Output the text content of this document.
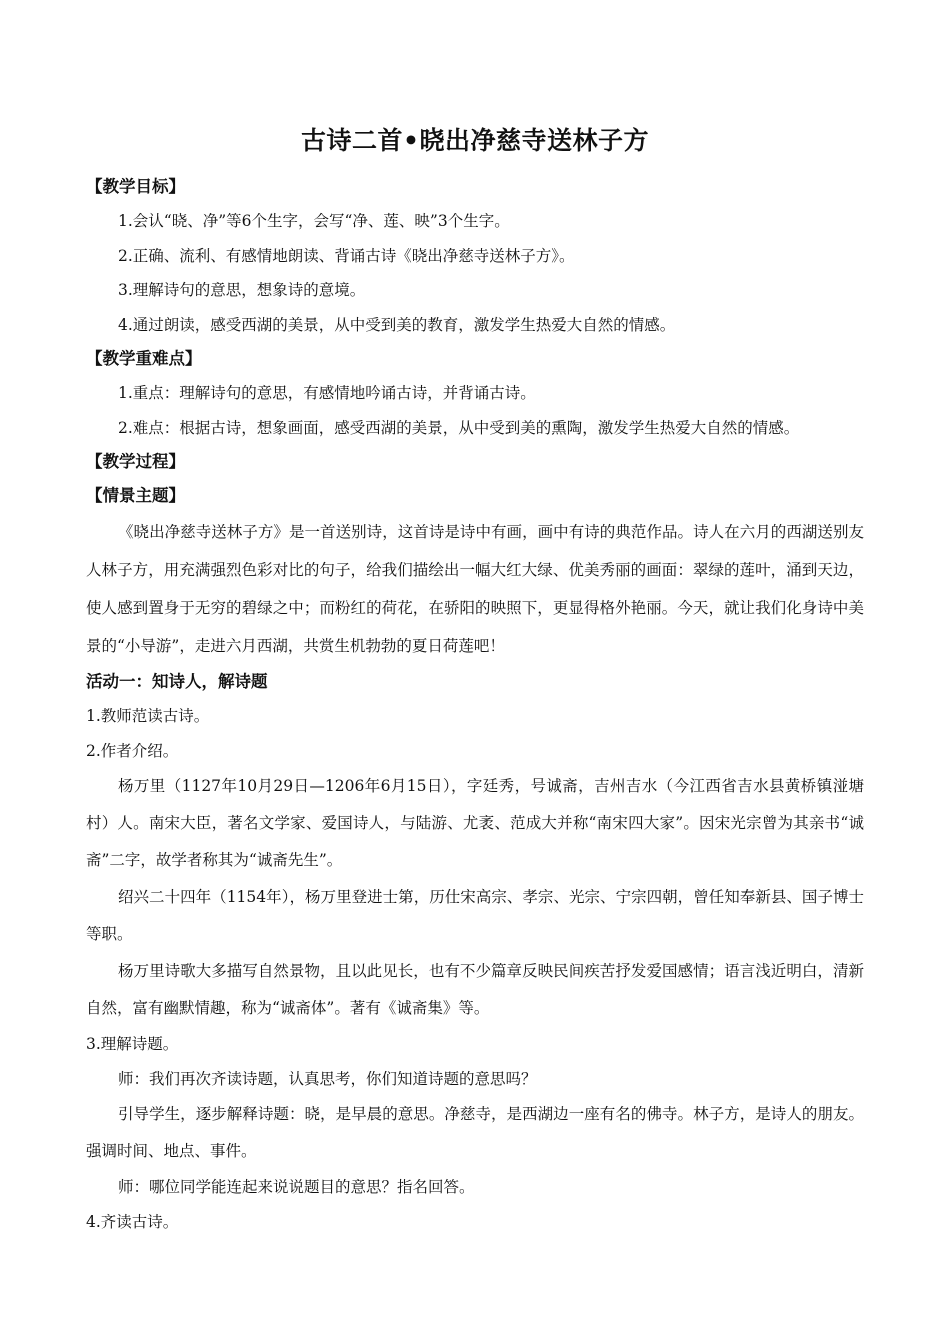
古诗二首•晓出净慈寺送林子方
【教学目标】

1.会认“晓、净”等6个生字，会写“净、莲、映”3个生字。

2.正确、流利、有感情地朗读、背诵古诗《晓出净慈寺送林子方》。

3.理解诗句的意思，想象诗的意境。

4.通过朗读，感受西湖的美景，从中受到美的教育，激发学生热爱大自然的情感。

【教学重难点】

1.重点：理解诗句的意思，有感情地吟诵古诗，并背诵古诗。

2.难点：根据古诗，想象画面，感受西湖的美景，从中受到美的熏陶，激发学生热爱大自然的情感。

【教学过程】
【情景主题】

《晓出净慈寺送林子方》是一首送别诗，这首诗是诗中有画，画中有诗的典范作品。诗人在六月的西湖送别友人林子方，用充满强烈色彩对比的句子，给我们描绘出一幅大红大绿、优美秀丽的画面：翠绿的莲叶，涌到天边，使人感到置身于无穷的碧绿之中；而粉红的荷花，在骄阳的映照下，更显得格外艳丽。今天，就让我们化身诗中美景的“小导游”，走进六月西湖，共赏生机勃勃的夏日荷莲吧！

活动一：知诗人，解诗题

1.教师范读古诗。

2.作者介绍。

杨万里（1127年10月29日—1206年6月15日），字廷秀，号诚斋，吉州吉水（今江西省吉水县黄桥镇湴塘村）人。南宋大臣，著名文学家、爱国诗人，与陆游、尤袤、范成大并称“南宋四大家”。因宋光宗曾为其亲书“诚斋”二字，故学者称其为“诚斋先生”。

绍兴二十四年（1154年），杨万里登进士第，历仕宋高宗、孝宗、光宗、宁宗四朝，曾任知奉新县、国子博士等职。

杨万里诗歌大多描写自然景物，且以此见长，也有不少篇章反映民间疾苦抒发爱国感情；语言浅近明白，清新自然，富有幽默情趣，称为“诚斋体”。著有《诚斋集》等。

3.理解诗题。

师：我们再次齐读诗题，认真思考，你们知道诗题的意思吗？

引导学生，逐步解释诗题：晓，是早晨的意思。净慈寺，是西湖边一座有名的佛寺。林子方，是诗人的朋友。强调时间、地点、事件。

师：哪位同学能连起来说说题目的意思？指名回答。

4.齐读古诗。
